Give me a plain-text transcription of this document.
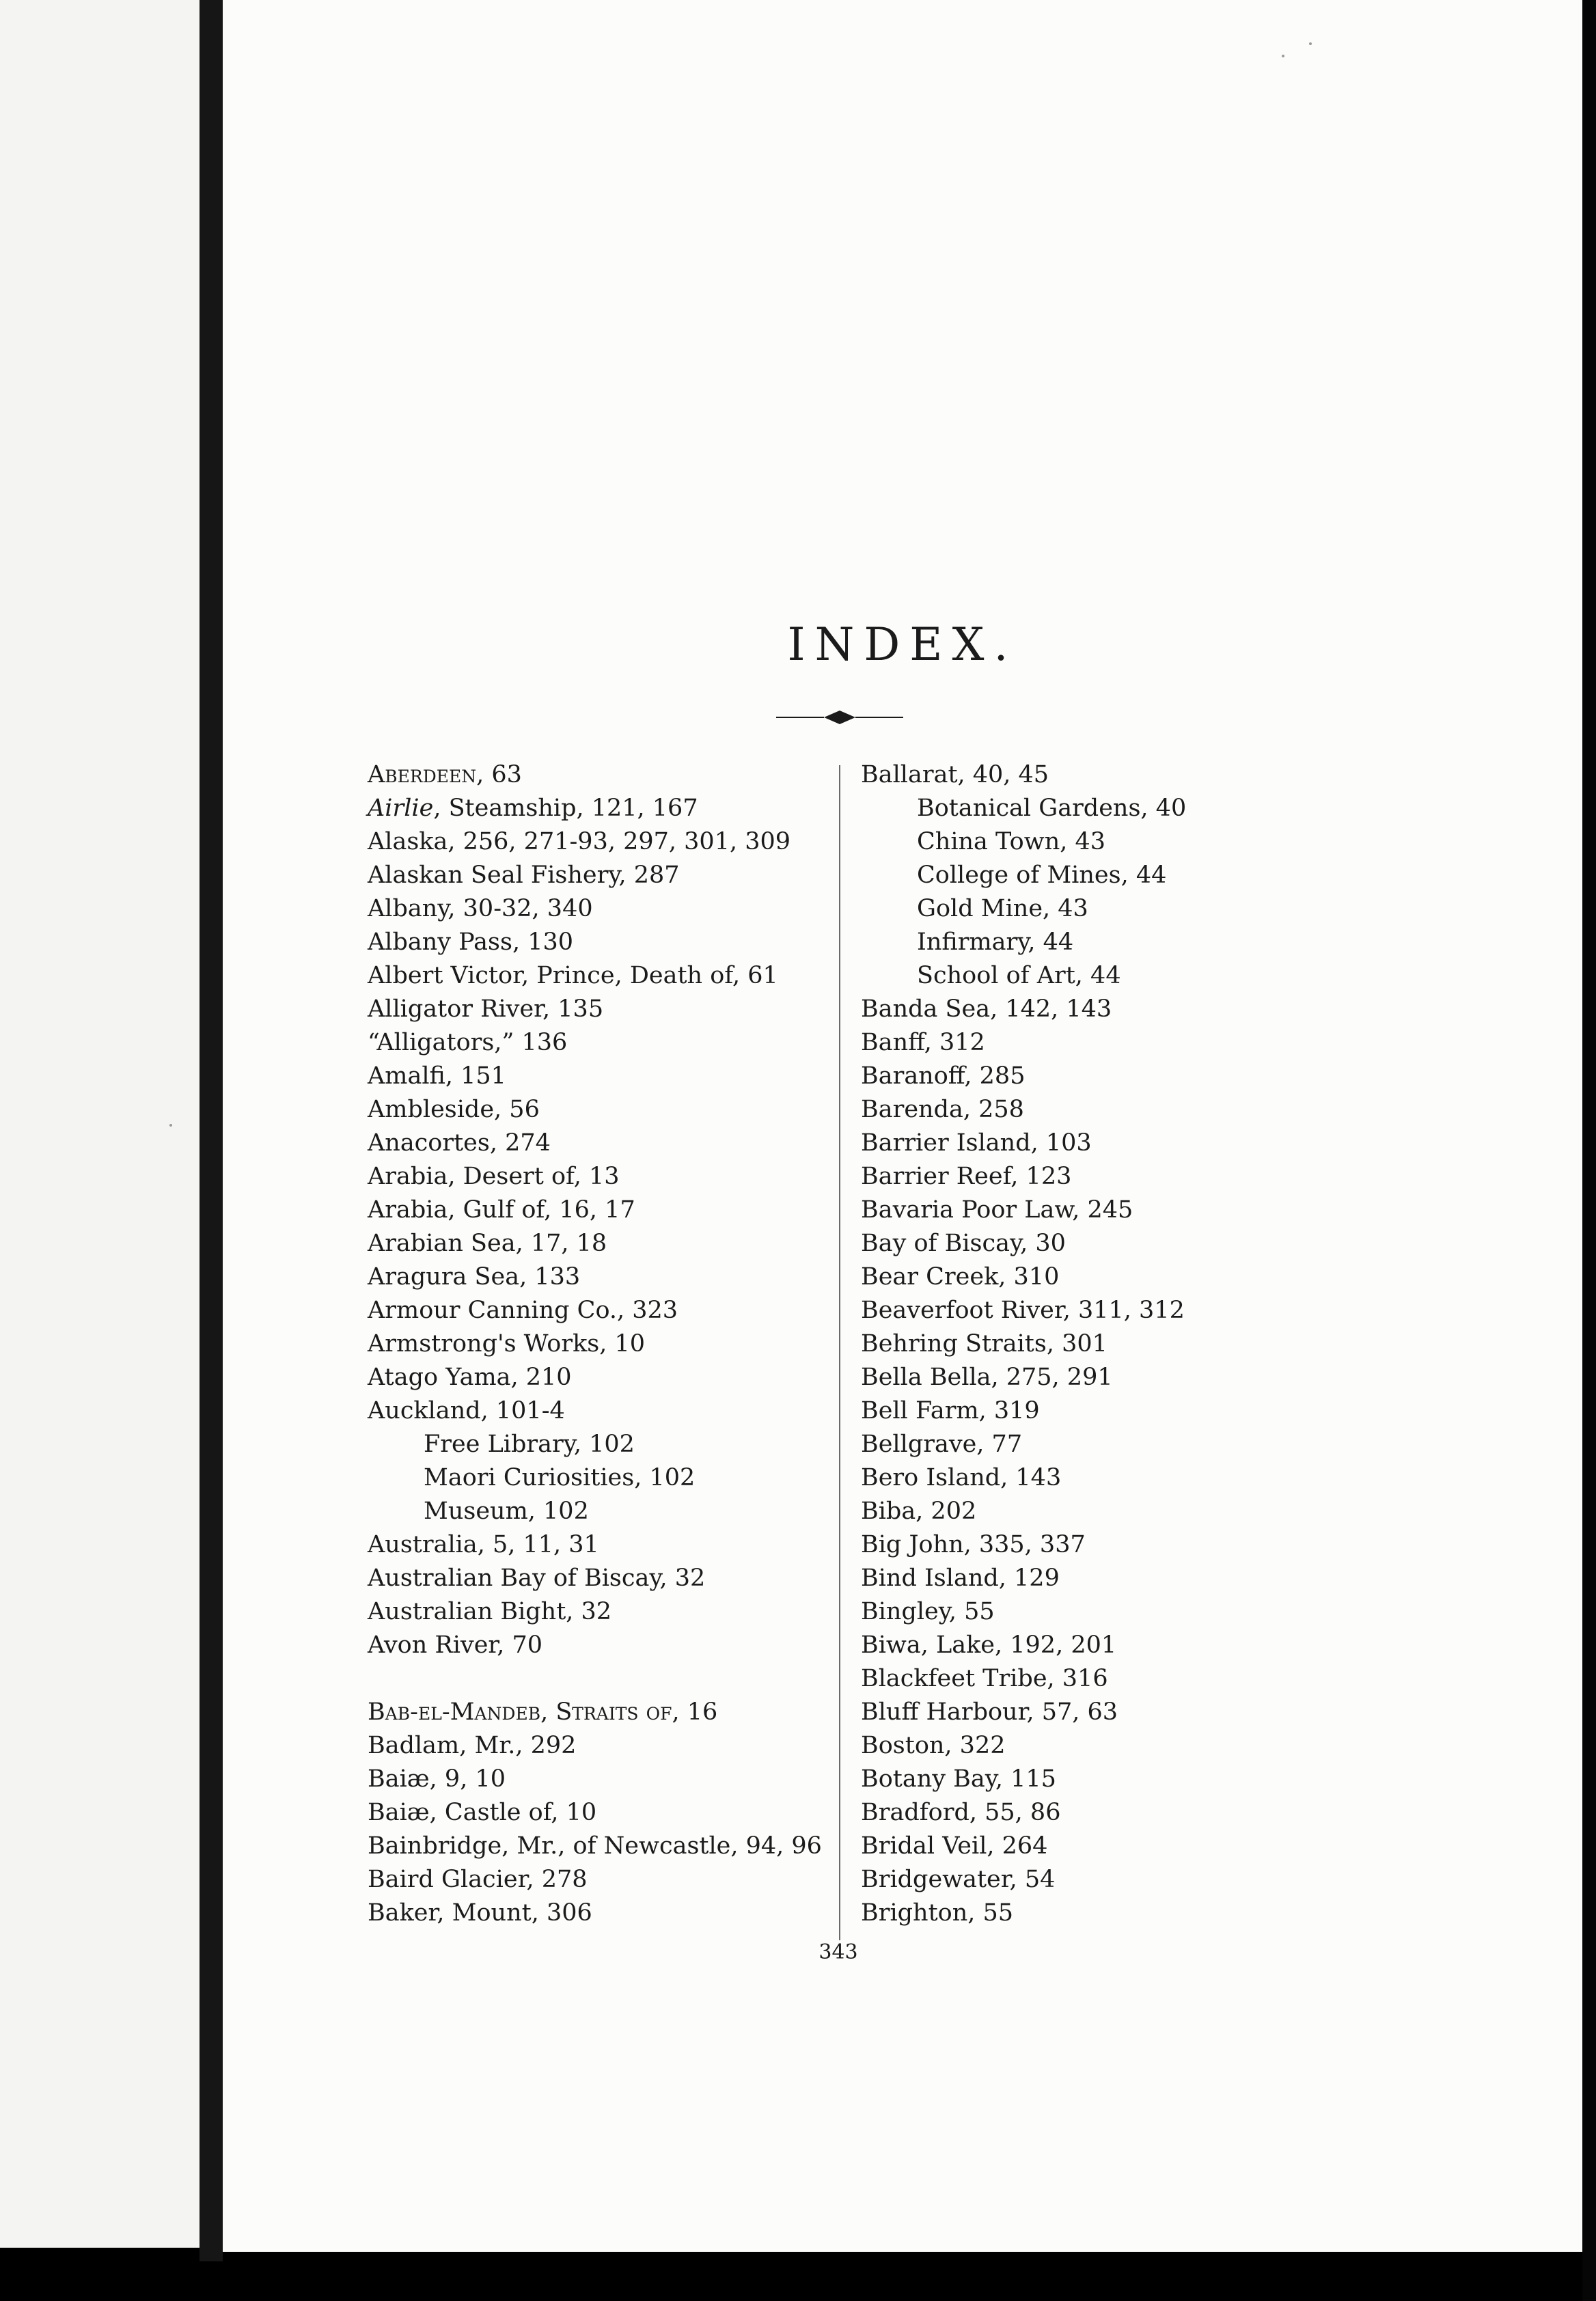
INDEX.
Aberdeen, 63
Airlie, Steamship, 121, 167
Alaska, 256, 271-93, 297, 301, 309
Alaskan Seal Fishery, 287
Albany, 30-32, 340
Albany Pass, 130
Albert Victor, Prince, Death of, 61
Alligator River, 135
“Alligators,” 136
Amalfi, 151
Ambleside, 56
Anacortes, 274
Arabia, Desert of, 13
Arabia, Gulf of, 16, 17
Arabian Sea, 17, 18
Aragura Sea, 133
Armour Canning Co., 323
Armstrong's Works, 10
Atago Yama, 210
Auckland, 101-4
Free Library, 102
Maori Curiosities, 102
Museum, 102
Australia, 5, 11, 31
Australian Bay of Biscay, 32
Australian Bight, 32
Avon River, 70
Bab-el-Mandeb, Straits of, 16
Badlam, Mr., 292
Baiæ, 9, 10
Baiæ, Castle of, 10
Bainbridge, Mr., of Newcastle, 94, 96
Baird Glacier, 278
Baker, Mount, 306
Ballarat, 40, 45
Botanical Gardens, 40
China Town, 43
College of Mines, 44
Gold Mine, 43
Infirmary, 44
School of Art, 44
Banda Sea, 142, 143
Banff, 312
Baranoff, 285
Barenda, 258
Barrier Island, 103
Barrier Reef, 123
Bavaria Poor Law, 245
Bay of Biscay, 30
Bear Creek, 310
Beaverfoot River, 311, 312
Behring Straits, 301
Bella Bella, 275, 291
Bell Farm, 319
Bellgrave, 77
Bero Island, 143
Biba, 202
Big John, 335, 337
Bind Island, 129
Bingley, 55
Biwa, Lake, 192, 201
Blackfeet Tribe, 316
Bluff Harbour, 57, 63
Boston, 322
Botany Bay, 115
Bradford, 55, 86
Bridal Veil, 264
Bridgewater, 54
Brighton, 55
343
